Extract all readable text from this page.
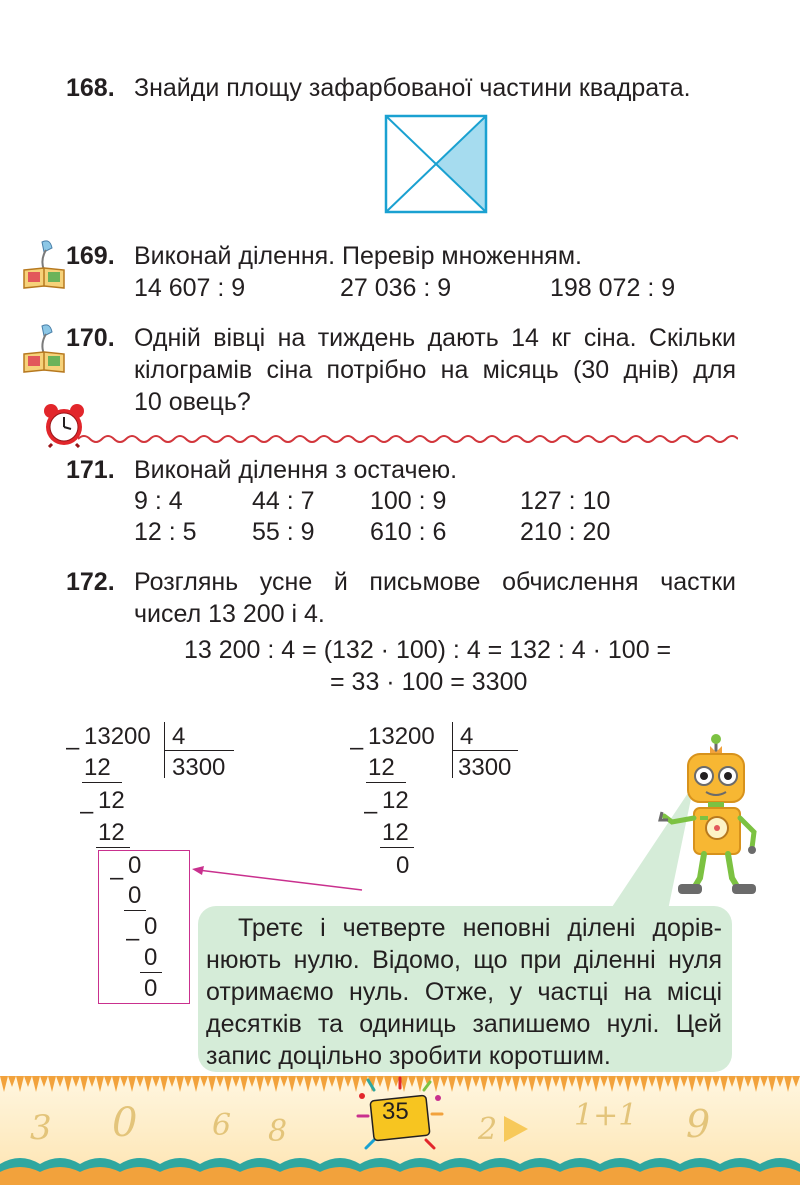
168. Знайди площу зафарбованої частини квадрата.
169. Виконай ділення. Перевір множенням.
14 607 : 9	27 036 : 9	198 072 : 9
170. Одній вівці на тиждень дають 14 кг сіна. Скільки
кілограмів сіна потрібно на місяць (30 днів) для
10 овець?
171. Виконай ділення з остачею.
9 : 4	44 : 7 100 : 9	127 : 10
12 : 5 55 : 9 610 : 6	210 : 20
172. Розглянь усне й письмове обчислення частки
чисел 13 200 і 4.
13 200 : 4 = (132 · 100) : 4 = 132 : 4 · 100 =
= 33 · 100 = 3300
– 13200 4
3300
12
– 12
12
– 0
0
– 0
0
0
– 13200 4
3300
12
– 12
12
0
Третє і четверте неповні ділені дорів-
нюють нулю. Відомо, що при діленні нуля
отримаємо нуль. Отже, у частці на місці
десятків та одиниць запишемо нулі. Цей
запис доцільно зробити коротшим.
3 0 6 8	2	1+1 9
35
